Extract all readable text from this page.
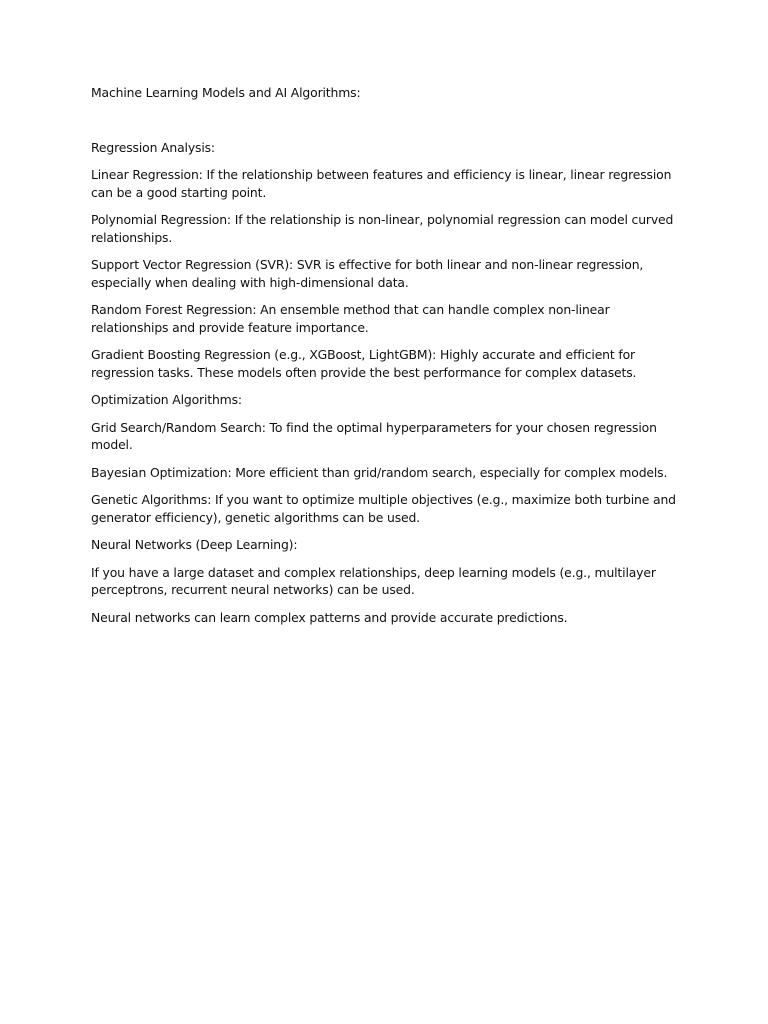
Machine Learning Models and AI Algorithms:

Regression Analysis:

Linear Regression: If the relationship between features and efficiency is linear, linear regression can be a good starting point.

Polynomial Regression: If the relationship is non-linear, polynomial regression can model curved relationships.

Support Vector Regression (SVR): SVR is effective for both linear and non-linear regression, especially when dealing with high-dimensional data.

Random Forest Regression: An ensemble method that can handle complex non-linear relationships and provide feature importance.

Gradient Boosting Regression (e.g., XGBoost, LightGBM): Highly accurate and efficient for regression tasks. These models often provide the best performance for complex datasets.

Optimization Algorithms:

Grid Search/Random Search: To find the optimal hyperparameters for your chosen regression model.

Bayesian Optimization: More efficient than grid/random search, especially for complex models.

Genetic Algorithms: If you want to optimize multiple objectives (e.g., maximize both turbine and generator efficiency), genetic algorithms can be used.

Neural Networks (Deep Learning):

If you have a large dataset and complex relationships, deep learning models (e.g., multilayer perceptrons, recurrent neural networks) can be used.

Neural networks can learn complex patterns and provide accurate predictions.
